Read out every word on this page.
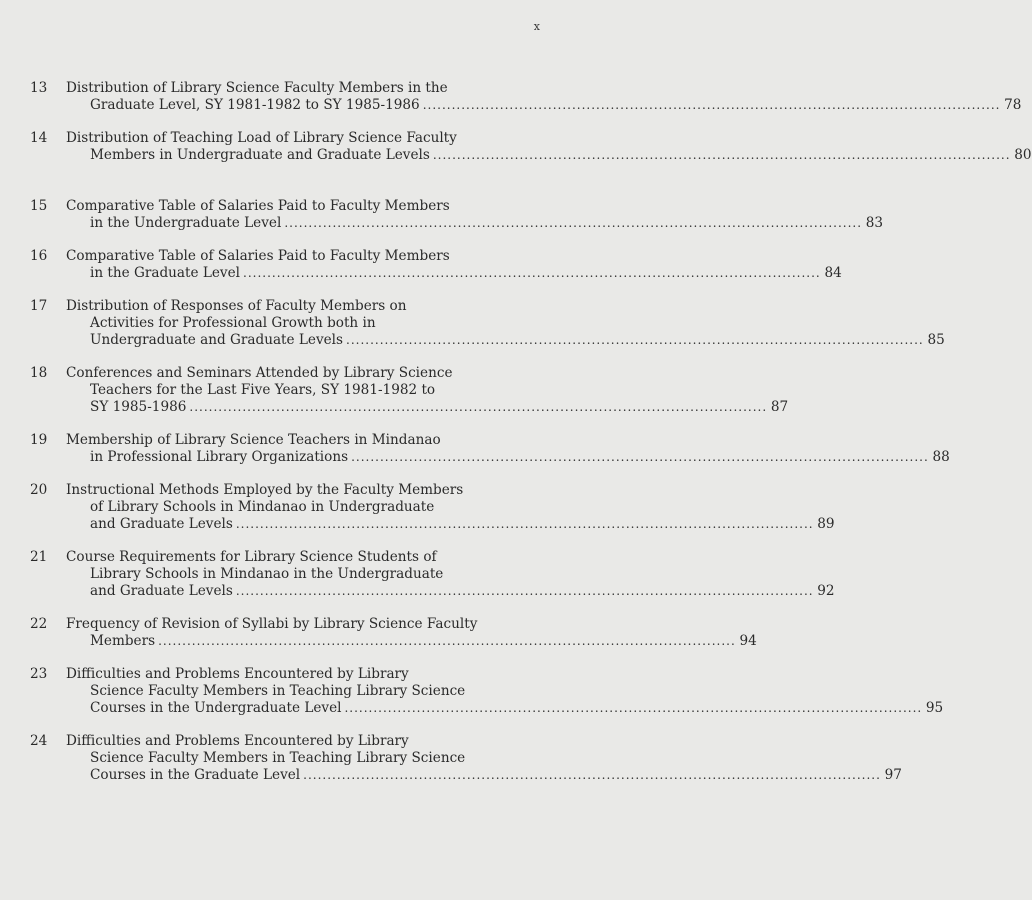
x
13 Distribution of Library Science Faculty Members in the
Graduate Level, SY 1981-1982 to SY 1985-1986 ........................................................................................................................ 78
14 Distribution of Teaching Load of Library Science Faculty
Members in Undergraduate and Graduate Levels ........................................................................................................................ 80
15 Comparative Table of Salaries Paid to Faculty Members
in the Undergraduate Level ........................................................................................................................ 83
16 Comparative Table of Salaries Paid to Faculty Members
in the Graduate Level ........................................................................................................................ 84
17 Distribution of Responses of Faculty Members on
Activities for Professional Growth both in
Undergraduate and Graduate Levels ........................................................................................................................ 85
18 Conferences and Seminars Attended by Library Science
Teachers for the Last Five Years, SY 1981-1982 to
SY 1985-1986 ........................................................................................................................ 87
19 Membership of Library Science Teachers in Mindanao
in Professional Library Organizations ........................................................................................................................ 88
20 Instructional Methods Employed by the Faculty Members
of Library Schools in Mindanao in Undergraduate
and Graduate Levels ........................................................................................................................ 89
21 Course Requirements for Library Science Students of
Library Schools in Mindanao in the Undergraduate
and Graduate Levels ........................................................................................................................ 92
22 Frequency of Revision of Syllabi by Library Science Faculty
Members ........................................................................................................................ 94
23 Difficulties and Problems Encountered by Library
Science Faculty Members in Teaching Library Science
Courses in the Undergraduate Level ........................................................................................................................ 95
24 Difficulties and Problems Encountered by Library
Science Faculty Members in Teaching Library Science
Courses in the Graduate Level ........................................................................................................................ 97
